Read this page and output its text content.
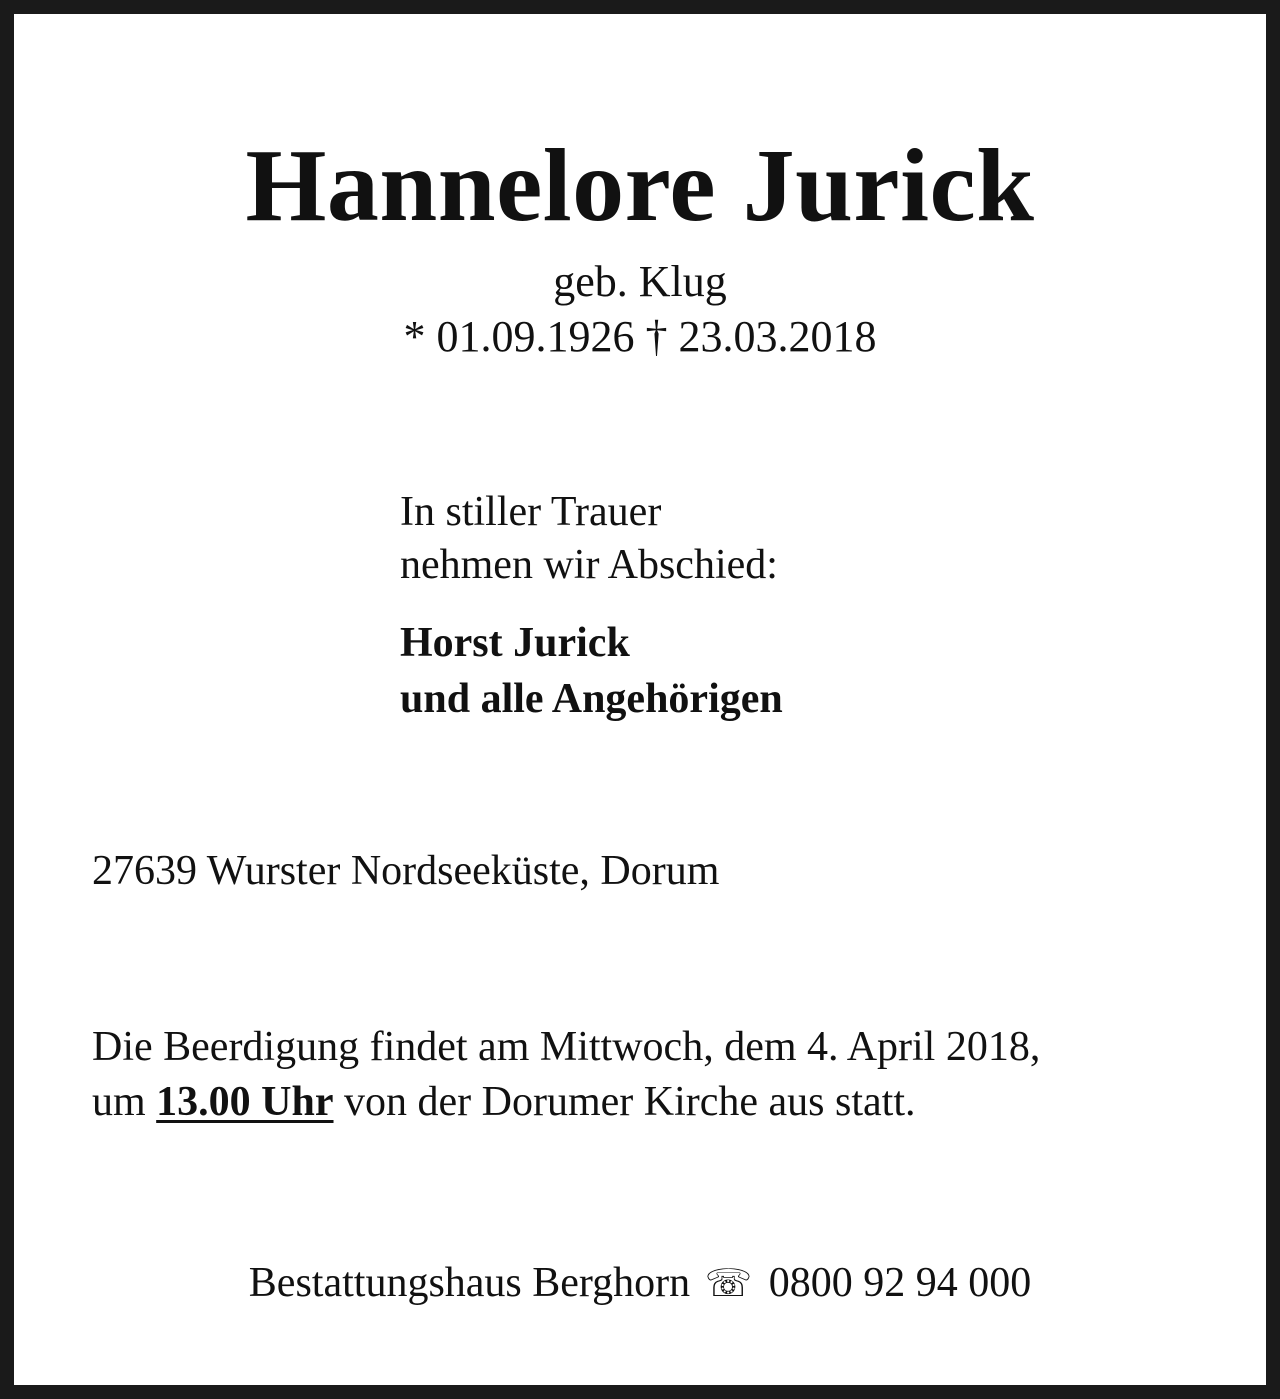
Hannelore Jurick
geb. Klug
* 01.09.1926 † 23.03.2018
In stiller Trauer
nehmen wir Abschied:
Horst Jurick
und alle Angehörigen
27639 Wurster Nordseeküste, Dorum
Die Beerdigung findet am Mittwoch, dem 4. April 2018,
um 13.00 Uhr von der Dorumer Kirche aus statt.
Bestattungshaus Berghorn ☏ 0800 92 94 000
